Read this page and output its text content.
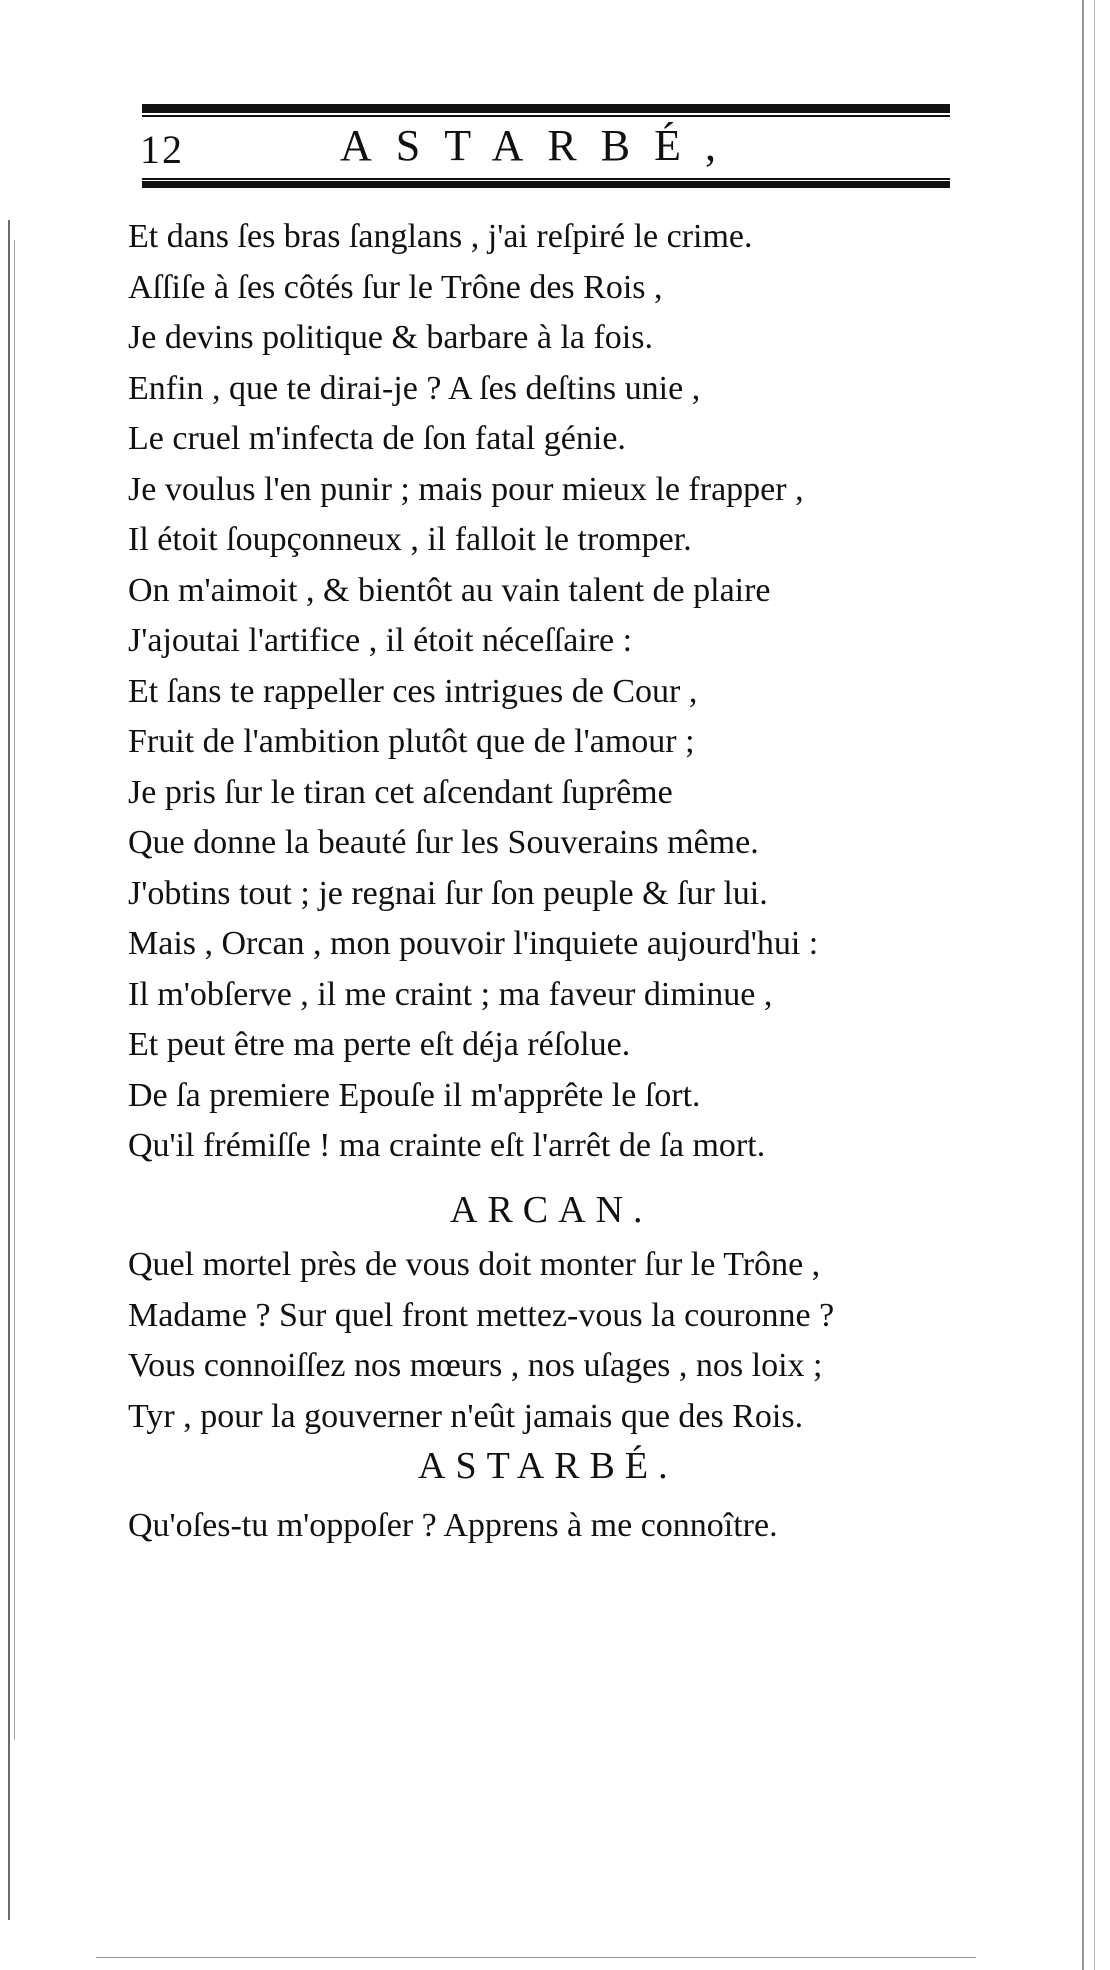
12	ASTARBÉ,
Et dans ſes bras ſanglans , j'ai reſpiré le crime.
Aſſiſe à ſes côtés ſur le Trône des Rois ,
Je devins politique & barbare à la fois.
Enfin , que te dirai-je ? A ſes deſtins unie ,
Le cruel m'infecta de ſon fatal génie.
Je voulus l'en punir ; mais pour mieux le frapper ,
Il étoit ſoupçonneux , il falloit le tromper.
On m'aimoit , & bientôt au vain talent de plaire
J'ajoutai l'artifice , il étoit néceſſaire :
Et ſans te rappeller ces intrigues de Cour ,
Fruit de l'ambition plutôt que de l'amour ;
Je pris ſur le tiran cet aſcendant ſuprême
Que donne la beauté ſur les Souverains même.
J'obtins tout ; je regnai ſur ſon peuple & ſur lui.
Mais , Orcan , mon pouvoir l'inquiete aujourd'hui :
Il m'obſerve , il me craint ; ma faveur diminue ,
Et peut être ma perte eſt déja réſolue.
De ſa premiere Epouſe il m'apprête le ſort.
Qu'il frémiſſe ! ma crainte eſt l'arrêt de ſa mort.
ARCAN.
Quel mortel près de vous doit monter ſur le Trône ,
Madame ? Sur quel front mettez-vous la couronne ?
Vous connoiſſez nos mœurs , nos uſages , nos loix ;
Tyr , pour la gouverner n'eût jamais que des Rois.
ASTARBÉ.
Qu'oſes-tu m'oppoſer ? Apprens à me connoître.
